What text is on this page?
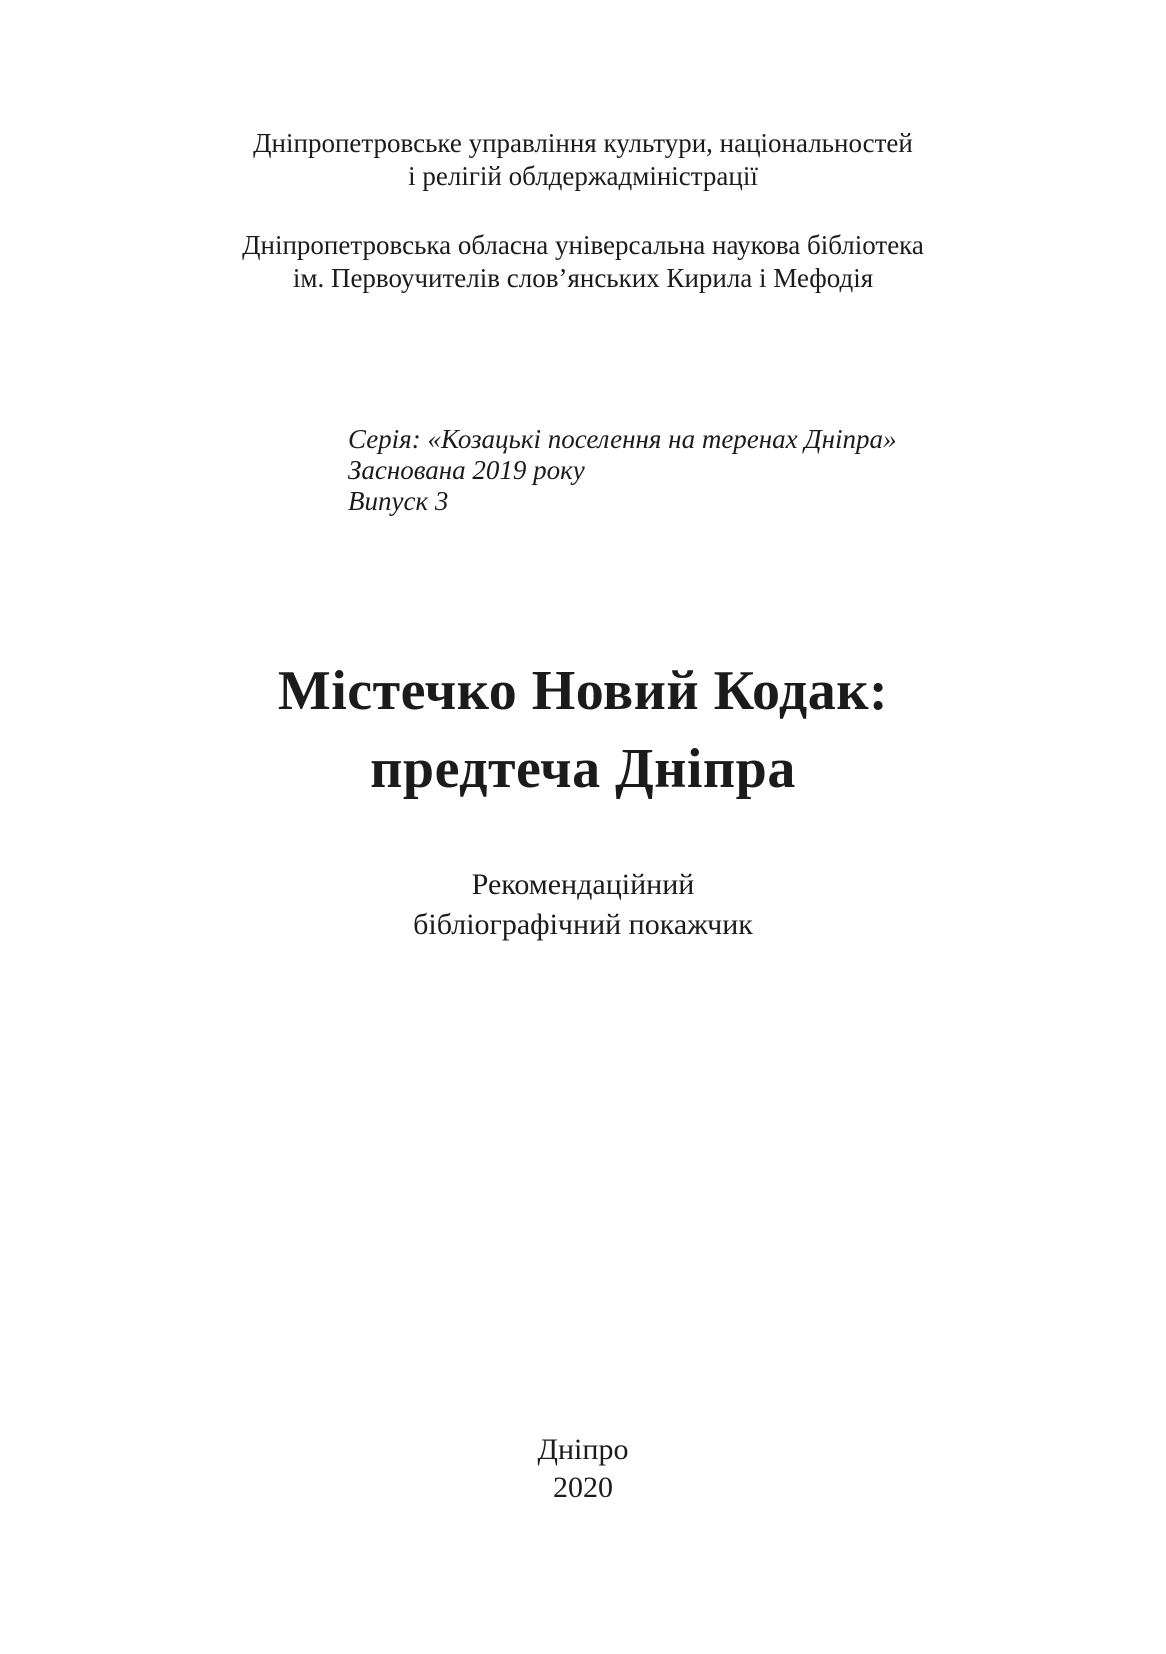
Дніпропетровське управління культури, національностей
і релігій облдержадміністрації
Дніпропетровська обласна універсальна наукова бібліотека
ім. Первоучителів слов’янських Кирила і Мефодія
Серія: «Козацькі поселення на теренах Дніпра»
Заснована 2019 року
Випуск 3
Містечко Новий Кодак:
предтеча Дніпра
Рекомендаційний
бібліографічний покажчик
Дніпро
2020
